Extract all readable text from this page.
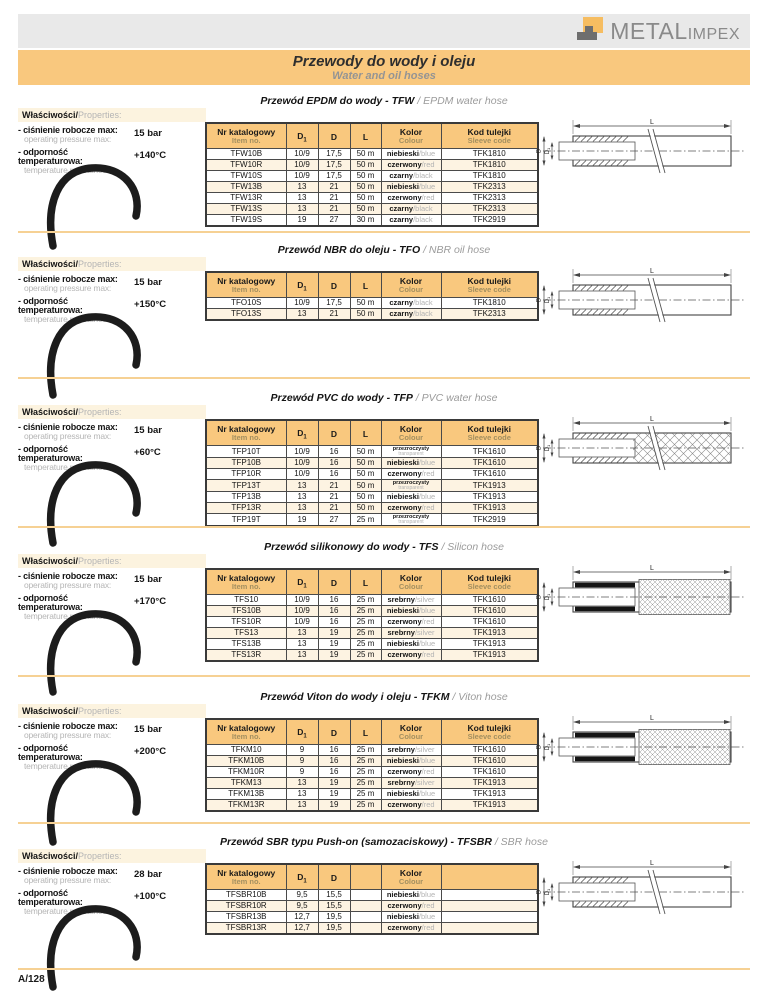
METALimpex
Przewody do wody i oleju
Water and oil hoses
Przewód EPDM do wody - TFW / EPDM water hose
Właściwości/Properties:
- ciśnienie robocze max:
operating pressure max:	15 bar
- odporność temperaturowa:
temperature resistance:
+140°C
Nr katalogowy
Item no.	$D_1$	D	L	Kolor
Colour

Kod tulejki
Sleeve code

TFW10B	10/9	17,5	50 m	niebieski/blue	TFK1810
TFW10R	10/9	17,5	50 m	czerwony/red	TFK1810
TFW10S	10/9	17,5	50 m	czarny/black	TFK1810
TFW13B	13	21	50 m	niebieski/blue	TFK2313
TFW13R	13	21	50 m	czerwony/red	TFK2313
TFW13S	13	21	50 m	czarny/black	TFK2313
TFW19S	19	27	30 m	czarny/black	TFK2919
L
D D1
Przewód NBR do oleju - TFO / NBR oil hose
Właściwości/Properties:
- ciśnienie robocze max:
operating pressure max:	15 bar
- odporność temperaturowa:
temperature resistance:
+150°C
Nr katalogowy
Item no.	$D_1$	D	L	Kolor
Colour

Kod tulejki
Sleeve code

TFO10S	10/9	17,5	50 m	czarny/black	TFK1810
TFO13S	13	21	50 m	czarny/black	TFK2313
L
D D1
Przewód PVC do wody - TFP / PVC water hose
Właściwości/Properties:
- ciśnienie robocze max:
operating pressure max:	15 bar
- odporność temperaturowa:
temperature resistance:
+60°C
Nr katalogowy
Item no.	$D_1$	D	L	Kolor
Colour

Kod tulejki
Sleeve code

TFP10T	10/9	16	50 m	przezroczysty
transparent	TFK1610
TFP10B	10/9	16	50 m	niebieski/blue	TFK1610
TFP10R	10/9	16	50 m	czerwony/red	TFK1610
TFP13T	13	21	50 m	przezroczysty
transparent	TFK1913
TFP13B	13	21	50 m	niebieski/blue	TFK1913
TFP13R	13	21	50 m	czerwony/red	TFK1913
TFP19T	19	27	25 m	przezroczysty
transparent	TFK2919
L
D D1
Przewód silikonowy do wody - TFS / Silicon hose
Właściwości/Properties:
- ciśnienie robocze max:
operating pressure max:	15 bar
- odporność temperaturowa:
temperature resistance:
+170°C
Nr katalogowy
Item no.	$D_1$	D	L	Kolor
Colour

Kod tulejki
Sleeve code

TFS10	10/9	16	25 m	srebrny/silver	TFK1610
TFS10B	10/9	16	25 m	niebieski/blue	TFK1610
TFS10R	10/9	16	25 m	czerwony/red	TFK1610
TFS13	13	19	25 m	srebrny/silver	TFK1913
TFS13B	13	19	25 m	niebieski/blue	TFK1913
TFS13R	13	19	25 m	czerwony/red	TFK1913
L
D D1
Przewód Viton do wody i oleju - TFKM / Viton hose
Właściwości/Properties:
- ciśnienie robocze max:
operating pressure max:	15 bar
- odporność temperaturowa:
temperature resistance:
+200°C
Nr katalogowy
Item no.	$D_1$	D	L	Kolor
Colour

Kod tulejki
Sleeve code

TFKM10	9	16	25 m	srebrny/silver	TFK1610
TFKM10B	9	16	25 m	niebieski/blue	TFK1610
TFKM10R	9	16	25 m	czerwony/red	TFK1610
TFKM13	13	19	25 m	srebrny/silver	TFK1913
TFKM13B	13	19	25 m	niebieski/blue	TFK1913
TFKM13R	13	19	25 m	czerwony/red	TFK1913
L
D D1
Przewód SBR typu Push-on (samozaciskowy) - TFSBR / SBR hose
Właściwości/Properties:
- ciśnienie robocze max:
operating pressure max:	28 bar
- odporność temperaturowa:
temperature resistance:
+100°C
Nr katalogowy
Item no.	$D_1$	D		Kolor
Colour

TFSBR10B	9,5	15,5		niebieski/blue	
TFSBR10R	9,5	15,5		czerwony/red	
TFSBR13B	12,7	19,5		niebieski/blue	
TFSBR13R	12,7	19,5		czerwony/red	
L
D D1
A/128
